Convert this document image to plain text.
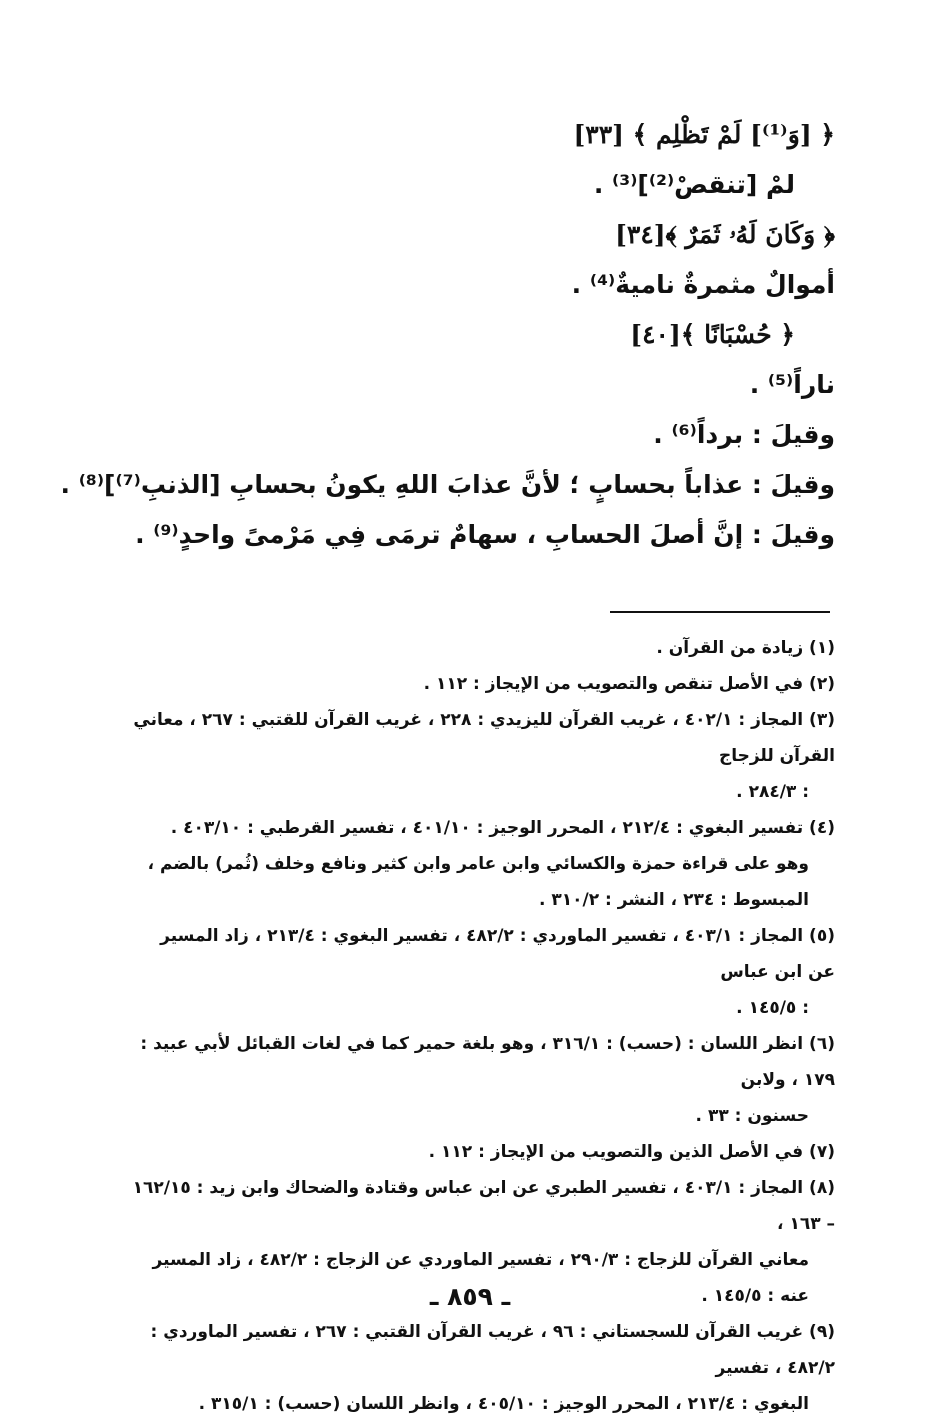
﴿ [وَ⁽¹⁾] لَمْ تَظْلِم ﴾ [٣٣]
لمْ [تنقصْ⁽²⁾]⁽³⁾ .
﴿ وَكَانَ لَهُۥ ثَمَرٌ ﴾[٣٤]
أموالٌ مثمرةٌ ناميةٌ⁽⁴⁾ .
﴿ حُسْبَانًا ﴾[٤٠]
ناراً⁽⁵⁾ .
وقيلَ : برداً⁽⁶⁾ .
وقيلَ : عذاباً بحسابٍ ؛ لأنَّ عذابَ اللهِ يكونُ بحسابِ [الذنبِ⁽⁷⁾]⁽⁸⁾ .
وقيلَ : إنَّ أصلَ الحسابِ ، سهامٌ ترمَى فِي مَرْمىً واحدٍ⁽⁹⁾ .
(١) زيادة من القرآن .
(٢) في الأصل تنقص والتصويب من الإيجاز : ١١٢ .
(٣) المجاز : ٤٠٢/١ ، غريب القرآن لليزيدي : ٢٢٨ ، غريب القرآن للقتبي : ٢٦٧ ، معاني القرآن للزجاج
: ٢٨٤/٣ .
(٤) تفسير البغوي : ٢١٢/٤ ، المحرر الوجيز : ٤٠١/١٠ ، تفسير القرطبي : ٤٠٣/١٠ .
وهو على قراءة حمزة والكسائي وابن عامر وابن كثير ونافع وخلف (ثُمر) بالضم ، المبسوط : ٢٣٤ ، النشر : ٣١٠/٢ .
(٥) المجاز : ٤٠٣/١ ، تفسير الماوردي : ٤٨٢/٢ ، تفسير البغوي : ٢١٣/٤ ، زاد المسير عن ابن عباس
: ١٤٥/٥ .
(٦) انظر اللسان : (حسب) : ٣١٦/١ ، وهو بلغة حمير كما في لغات القبائل لأبي عبيد : ١٧٩ ، ولابن
حسنون : ٣٣ .
(٧) في الأصل الذين والتصويب من الإيجاز : ١١٢ .
(٨) المجاز : ٤٠٣/١ ، تفسير الطبري عن ابن عباس وقتادة والضحاك وابن زيد : ١٦٢/١٥ – ١٦٣ ،
معاني القرآن للزجاج : ٢٩٠/٣ ، تفسير الماوردي عن الزجاج : ٤٨٢/٢ ، زاد المسير عنه : ١٤٥/٥ .
(٩) غريب القرآن للسجستاني : ٩٦ ، غريب القرآن القتبي : ٢٦٧ ، تفسير الماوردي : ٤٨٢/٢ ، تفسير
البغوي : ٢١٣/٤ ، المحرر الوجيز : ٤٠٥/١٠ ، وانظر اللسان (حسب) : ٣١٥/١ .
ـ ٨٥٩ ـ
